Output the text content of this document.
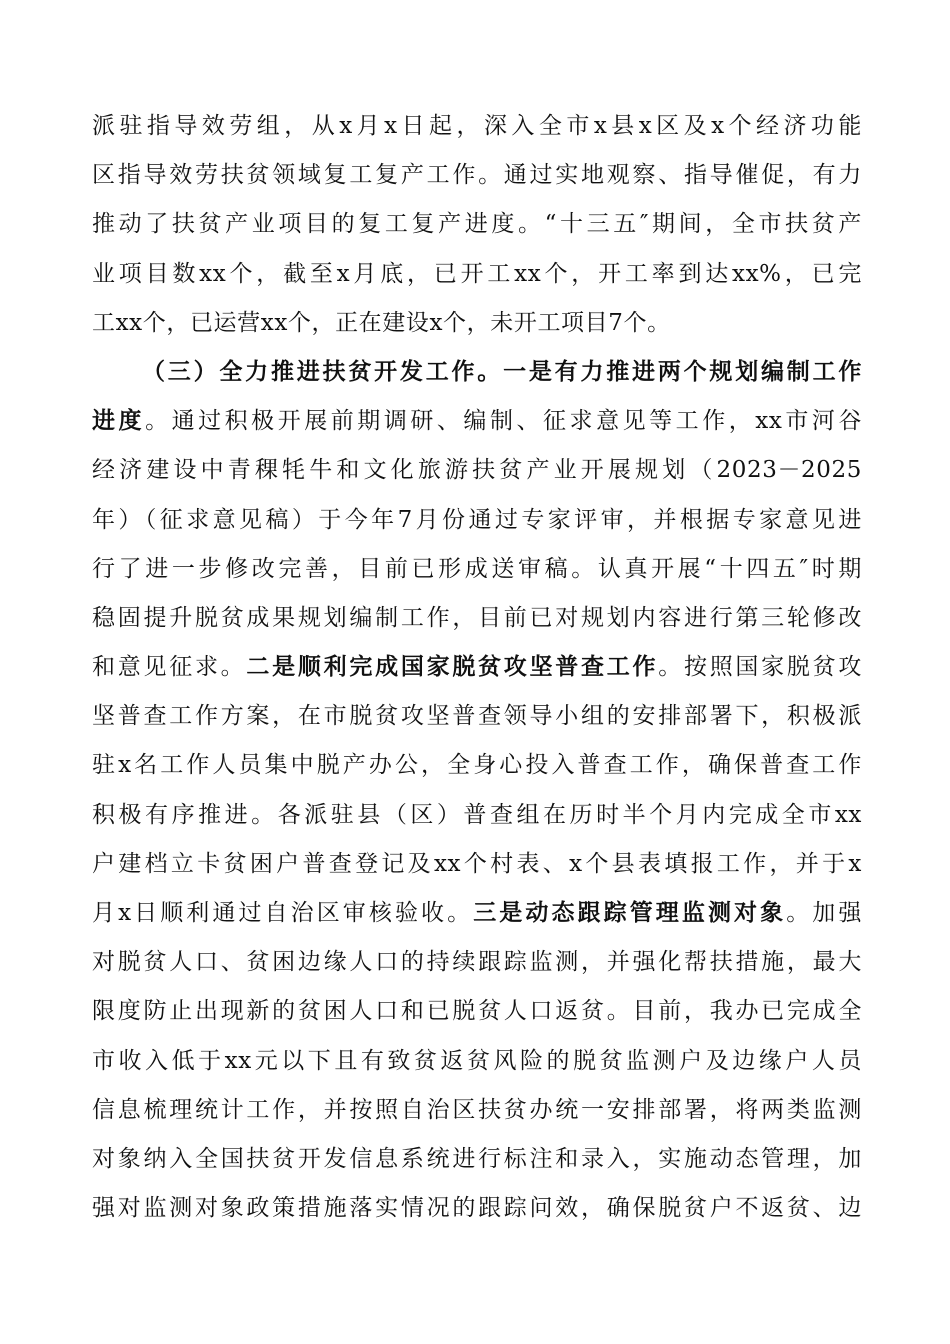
派驻指导效劳组，从x月x日起，深入全市x县x区及x个经济功能
区指导效劳扶贫领域复工复产工作。通过实地观察、指导催促，有力
推动了扶贫产业项目的复工复产进度。“十三五″期间，全市扶贫产
业项目数xx个，截至x月底，已开工xx个，开工率到达xx%，已完
工xx个，已运营xx个，正在建设x个，未开工项目7个。
（三）全力推进扶贫开发工作。一是有力推进两个规划编制工作
进度。通过积极开展前期调研、编制、征求意见等工作，xx市河谷
经济建设中青稞牦牛和文化旅游扶贫产业开展规划（2023－2025
年）（征求意见稿）于今年7月份通过专家评审，并根据专家意见进
行了进一步修改完善，目前已形成送审稿。认真开展“十四五″时期
稳固提升脱贫成果规划编制工作，目前已对规划内容进行第三轮修改
和意见征求。二是顺利完成国家脱贫攻坚普查工作。按照国家脱贫攻
坚普查工作方案，在市脱贫攻坚普查领导小组的安排部署下，积极派
驻x名工作人员集中脱产办公，全身心投入普查工作，确保普查工作
积极有序推进。各派驻县（区）普查组在历时半个月内完成全市xx
户建档立卡贫困户普查登记及xx个村表、x个县表填报工作，并于x
月x日顺利通过自治区审核验收。三是动态跟踪管理监测对象。加强
对脱贫人口、贫困边缘人口的持续跟踪监测，并强化帮扶措施，最大
限度防止出现新的贫困人口和已脱贫人口返贫。目前，我办已完成全
市收入低于xx元以下且有致贫返贫风险的脱贫监测户及边缘户人员
信息梳理统计工作，并按照自治区扶贫办统一安排部署，将两类监测
对象纳入全国扶贫开发信息系统进行标注和录入，实施动态管理，加
强对监测对象政策措施落实情况的跟踪问效，确保脱贫户不返贫、边
